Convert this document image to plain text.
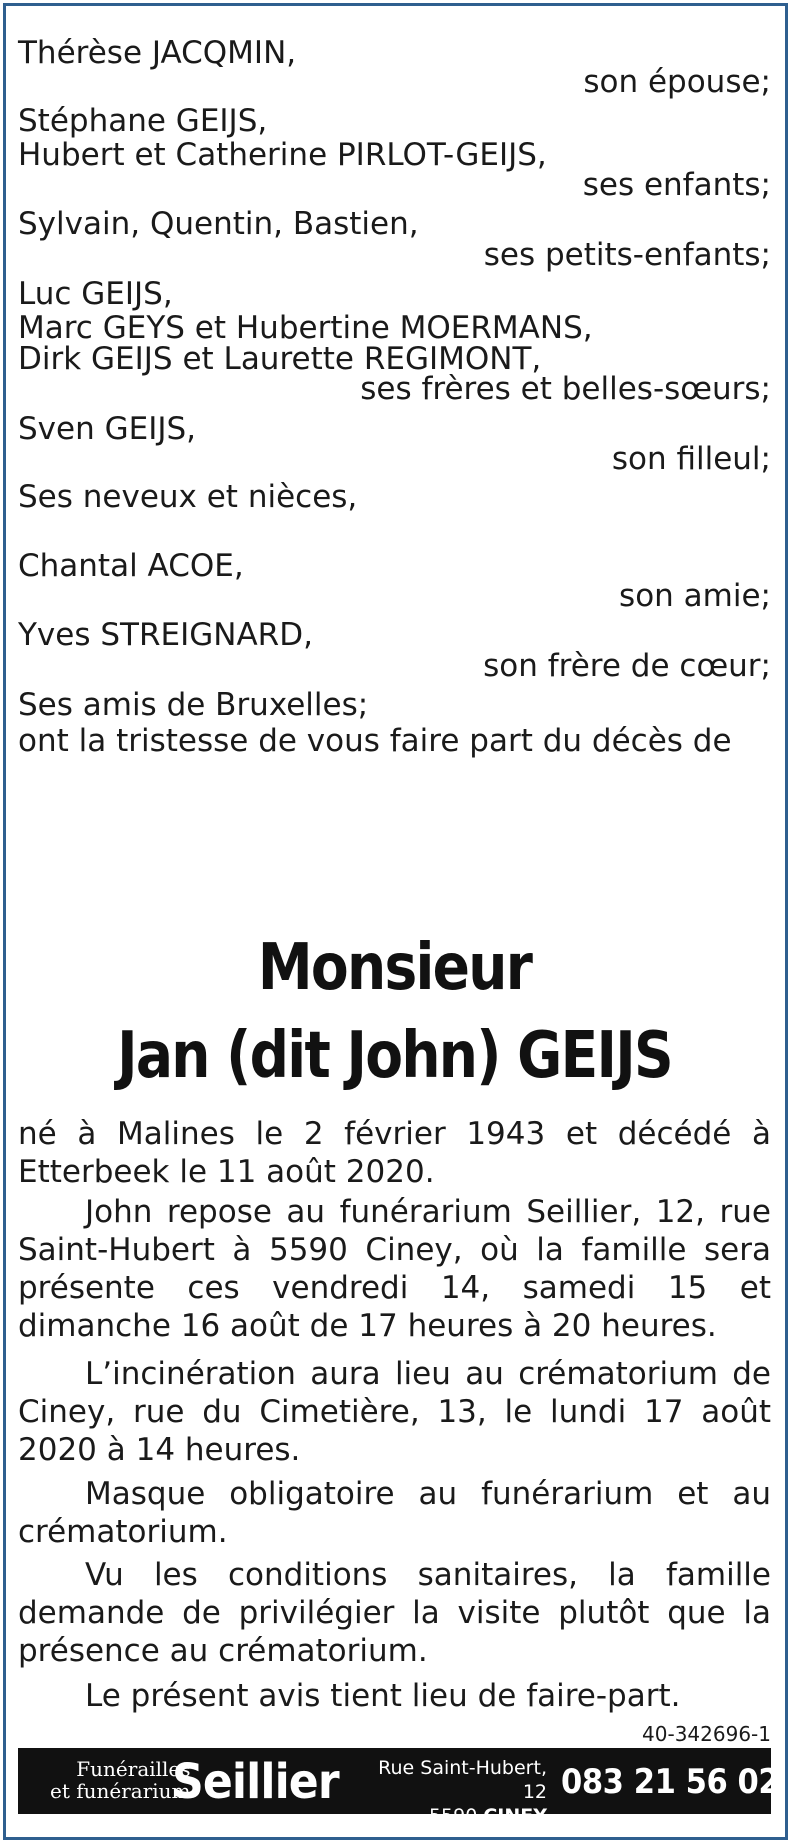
Thérèse JACQMIN,
son épouse;
Stéphane GEIJS,
Hubert et Catherine PIRLOT-GEIJS,
ses enfants;
Sylvain, Quentin, Bastien,
ses petits-enfants;
Luc GEIJS,
Marc GEYS et Hubertine MOERMANS,
Dirk GEIJS et Laurette REGIMONT,
ses frères et belles-sœurs;
Sven GEIJS,
son filleul;
Ses neveux et nièces,
Chantal ACOE,
son amie;
Yves STREIGNARD,
son frère de cœur;
Ses amis de Bruxelles;
ont la tristesse de vous faire part du décès de
Monsieur
Jan (dit John) GEIJS
né à Malines le 2 février 1943 et décédé à Etterbeek le 11 août 2020.
John repose au funérarium Seillier, 12, rue Saint-Hubert à 5590 Ciney, où la famille sera présente ces vendredi 14, samedi 15 et dimanche 16 août de 17 heures à 20 heures.
L’incinération aura lieu au crématorium de Ciney, rue du Cimetière, 13, le lundi 17 août 2020 à 14 heures.
Masque obligatoire au funérarium et au crématorium.
Vu les conditions sanitaires, la famille demande de privilégier la visite plutôt que la présence au crématorium.
Le présent avis tient lieu de faire-part.
40-342696-1
Funérailles
et funérarium
Seillier	Rue Saint-Hubert, 12
5590 CINEY
083 21 56 02
